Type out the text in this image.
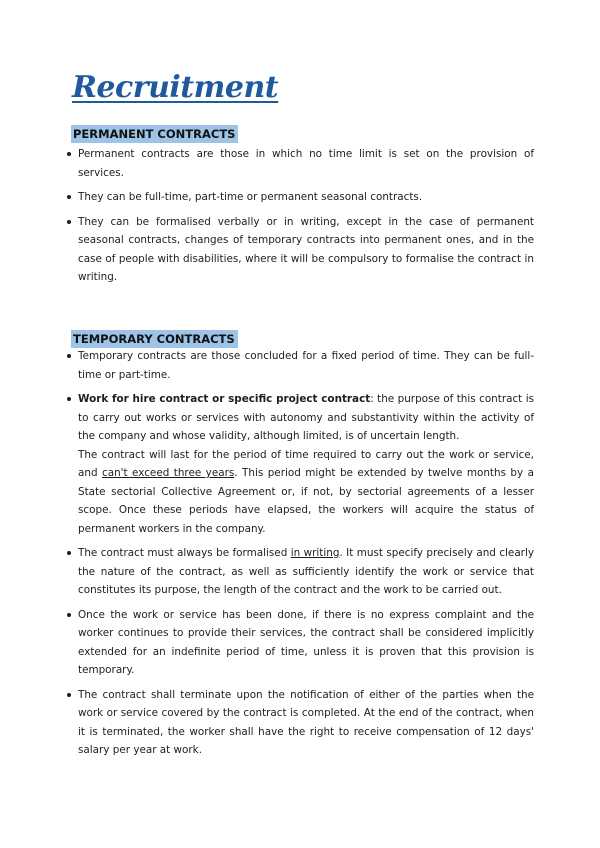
Recruitment
PERMANENT CONTRACTS

Permanent contracts are those in which no time limit is set on the provision of services.

They can be full-time, part-time or permanent seasonal contracts.

They can be formalised verbally or in writing, except in the case of permanent seasonal contracts, changes of temporary contracts into permanent ones, and in the case of people with disabilities, where it will be compulsory to formalise the contract in writing.

TEMPORARY CONTRACTS

Temporary contracts are those concluded for a fixed period of time. They can be full-time or part-time.

Work for hire contract or specific project contract: the purpose of this contract is to carry out works or services with autonomy and substantivity within the activity of the company and whose validity, although limited, is of uncertain length.

The contract will last for the period of time required to carry out the work or service, and can't exceed three years. This period might be extended by twelve months by a State sectorial Collective Agreement or, if not, by sectorial agreements of a lesser scope. Once these periods have elapsed, the workers will acquire the status of permanent workers in the company.

The contract must always be formalised in writing. It must specify precisely and clearly the nature of the contract, as well as sufficiently identify the work or service that constitutes its purpose, the length of the contract and the work to be carried out.

Once the work or service has been done, if there is no express complaint and the worker continues to provide their services, the contract shall be considered implicitly extended for an indefinite period of time, unless it is proven that this provision is temporary.

The contract shall terminate upon the notification of either of the parties when the work or service covered by the contract is completed. At the end of the contract, when it is terminated, the worker shall have the right to receive compensation of 12 days' salary per year at work.
